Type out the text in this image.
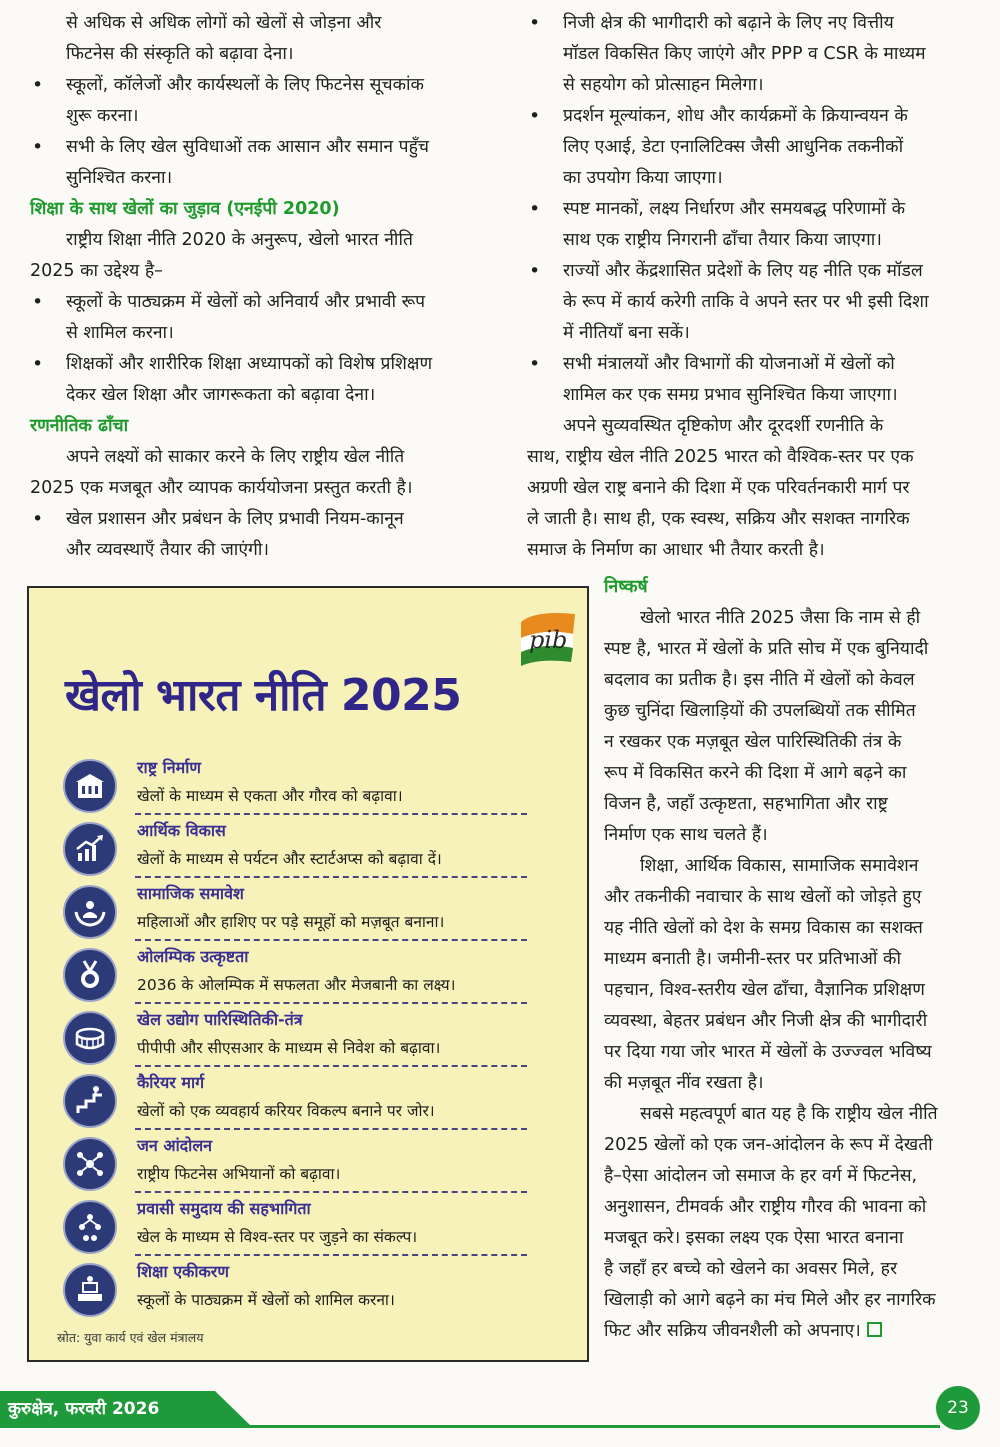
से अधिक से अधिक लोगों को खेलों से जोड़ना और

फिटनेस की संस्कृति को बढ़ावा देना।

• स्कूलों, कॉलेजों और कार्यस्थलों के लिए फिटनेस सूचकांक
शुरू करना।
• सभी के लिए खेल सुविधाओं तक आसान और समान पहुँच
सुनिश्चित करना।
शिक्षा के साथ खेलों का जुड़ाव (एनईपी 2020)

राष्ट्रीय शिक्षा नीति 2020 के अनुरूप, खेलो भारत नीति

2025 का उद्देश्य है–

• स्कूलों के पाठ्यक्रम में खेलों को अनिवार्य और प्रभावी रूप
से शामिल करना।
• शिक्षकों और शारीरिक शिक्षा अध्यापकों को विशेष प्रशिक्षण
देकर खेल शिक्षा और जागरूकता को बढ़ावा देना।
रणनीतिक ढाँचा

अपने लक्ष्यों को साकार करने के लिए राष्ट्रीय खेल नीति

2025 एक मजबूत और व्यापक कार्ययोजना प्रस्तुत करती है।

• खेल प्रशासन और प्रबंधन के लिए प्रभावी नियम-कानून
और व्यवस्थाएँ तैयार की जाएंगी।
• निजी क्षेत्र की भागीदारी को बढ़ाने के लिए नए वित्तीय
मॉडल विकसित किए जाएंगे और PPP व CSR के माध्यम
से सहयोग को प्रोत्साहन मिलेगा।
• प्रदर्शन मूल्यांकन, शोध और कार्यक्रमों के क्रियान्वयन के
लिए एआई, डेटा एनालिटिक्स जैसी आधुनिक तकनीकों
का उपयोग किया जाएगा।
• स्पष्ट मानकों, लक्ष्य निर्धारण और समयबद्ध परिणामों के
साथ एक राष्ट्रीय निगरानी ढाँचा तैयार किया जाएगा।
• राज्यों और केंद्रशासित प्रदेशों के लिए यह नीति एक मॉडल
के रूप में कार्य करेगी ताकि वे अपने स्तर पर भी इसी दिशा
में नीतियाँ बना सकें।
• सभी मंत्रालयों और विभागों की योजनाओं में खेलों को
शामिल कर एक समग्र प्रभाव सुनिश्चित किया जाएगा।

अपने सुव्यवस्थित दृष्टिकोण और दूरदर्शी रणनीति के

साथ, राष्ट्रीय खेल नीति 2025 भारत को वैश्विक-स्तर पर एक

अग्रणी खेल राष्ट्र बनाने की दिशा में एक परिवर्तनकारी मार्ग पर

ले जाती है। साथ ही, एक स्वस्थ, सक्रिय और सशक्त नागरिक

समाज के निर्माण का आधार भी तैयार करती है।

निष्कर्ष

खेलो भारत नीति 2025 जैसा कि नाम से ही

स्पष्ट है, भारत में खेलों के प्रति सोच में एक बुनियादी

बदलाव का प्रतीक है। इस नीति में खेलों को केवल

कुछ चुनिंदा खिलाड़ियों की उपलब्धियों तक सीमित

न रखकर एक मज़बूत खेल पारिस्थितिकी तंत्र के

रूप में विकसित करने की दिशा में आगे बढ़ने का

विजन है, जहाँ उत्कृष्टता, सहभागिता और राष्ट्र

निर्माण एक साथ चलते हैं।

शिक्षा, आर्थिक विकास, सामाजिक समावेशन

और तकनीकी नवाचार के साथ खेलों को जोड़ते हुए

यह नीति खेलों को देश के समग्र विकास का सशक्त

माध्यम बनाती है। जमीनी-स्तर पर प्रतिभाओं की

पहचान, विश्व-स्तरीय खेल ढाँचा, वैज्ञानिक प्रशिक्षण

व्यवस्था, बेहतर प्रबंधन और निजी क्षेत्र की भागीदारी

पर दिया गया जोर भारत में खेलों के उज्ज्वल भविष्य

की मज़बूत नींव रखता है।

सबसे महत्वपूर्ण बात यह है कि राष्ट्रीय खेल नीति

2025 खेलों को एक जन-आंदोलन के रूप में देखती

है–ऐसा आंदोलन जो समाज के हर वर्ग में फिटनेस,

अनुशासन, टीमवर्क और राष्ट्रीय गौरव की भावना को

मजबूत करे। इसका लक्ष्य एक ऐसा भारत बनाना

है जहाँ हर बच्चे को खेलने का अवसर मिले, हर

खिलाड़ी को आगे बढ़ने का मंच मिले और हर नागरिक

फिट और सक्रिय जीवनशैली को अपनाए।

pib
खेलो भारत नीति 2025
राष्ट्र निर्माण
खेलों के माध्यम से एकता और गौरव को बढ़ावा।
आर्थिक विकास
खेलों के माध्यम से पर्यटन और स्टार्टअप्स को बढ़ावा दें।
सामाजिक समावेश
महिलाओं और हाशिए पर पड़े समूहों को मज़बूत बनाना।
ओलम्पिक उत्कृष्टता
2036 के ओलम्पिक में सफलता और मेजबानी का लक्ष्य।
खेल उद्योग पारिस्थितिकी-तंत्र
पीपीपी और सीएसआर के माध्यम से निवेश को बढ़ावा।
कैरियर मार्ग
खेलों को एक व्यवहार्य करियर विकल्प बनाने पर जोर।
जन आंदोलन
राष्ट्रीय फिटनेस अभियानों को बढ़ावा।
प्रवासी समुदाय की सहभागिता
खेल के माध्यम से विश्व-स्तर पर जुड़ने का संकल्प।
शिक्षा एकीकरण
स्कूलों के पाठ्यक्रम में खेलों को शामिल करना।
स्रोत: युवा कार्य एवं खेल मंत्रालय
कुरुक्षेत्र, फरवरी 2026	23
